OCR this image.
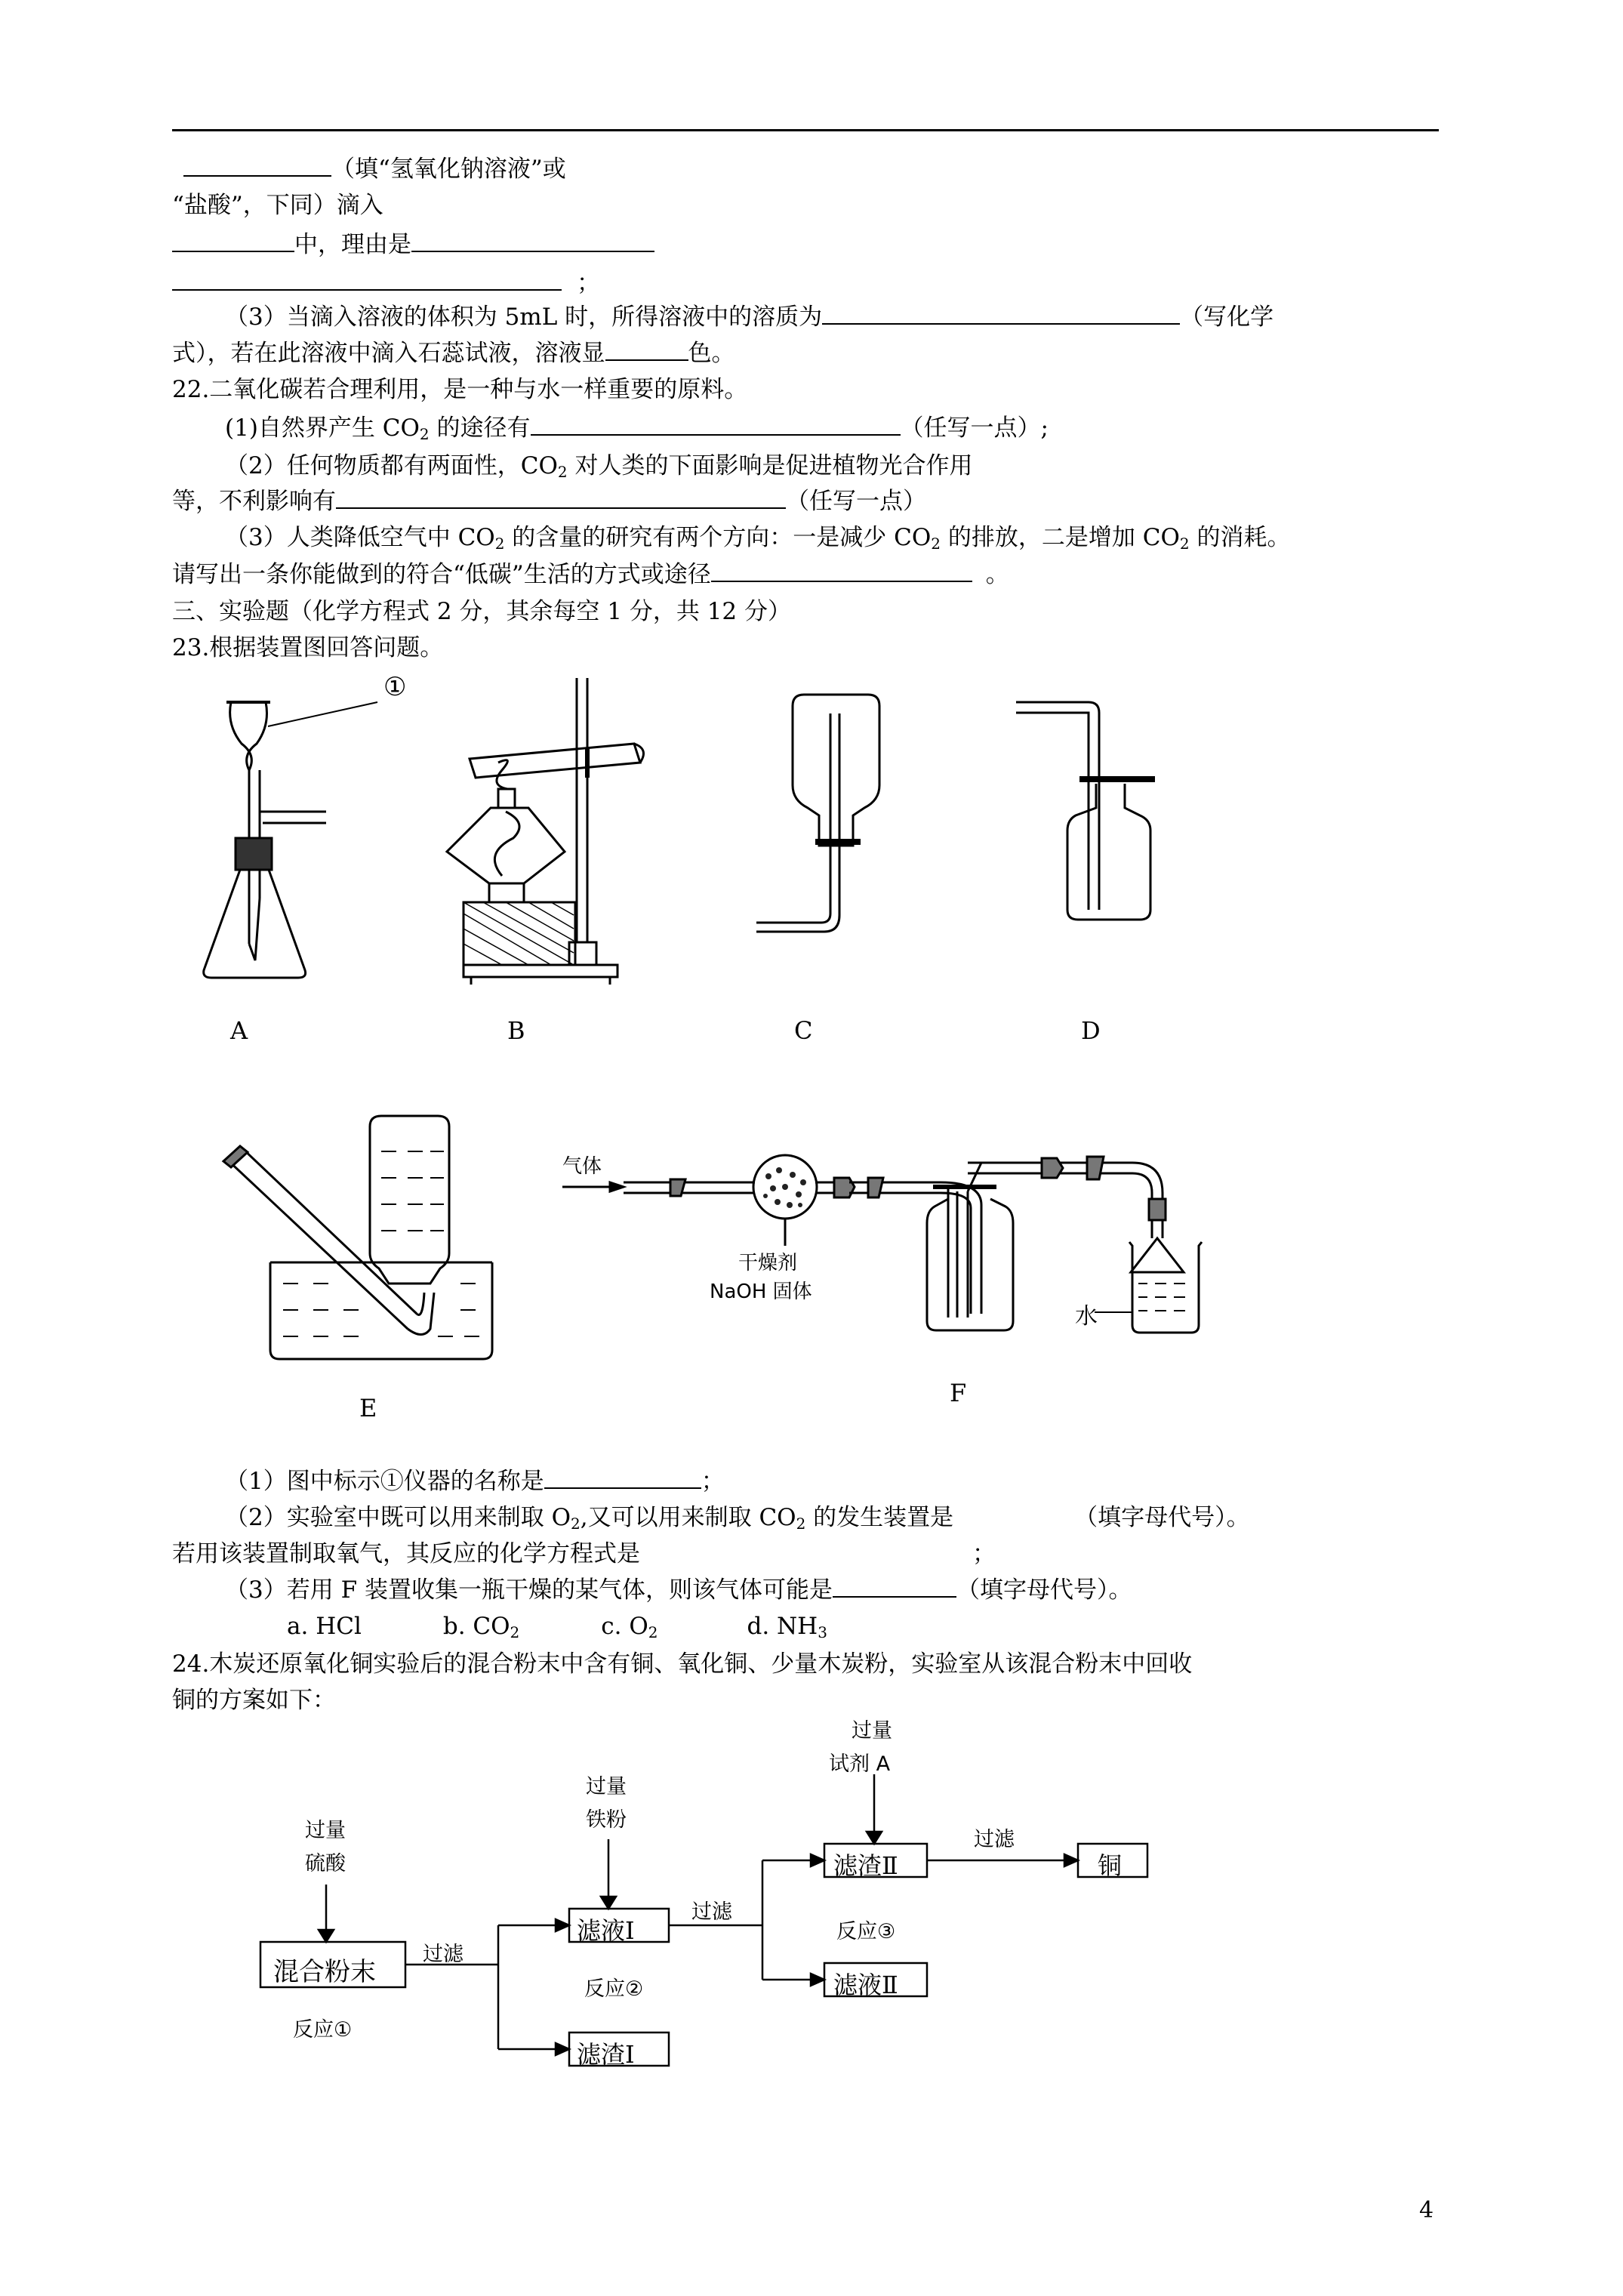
（填“氢氧化钠溶液”或
“盐酸”，下同）滴入
中，理由是
；
（3）当滴入溶液的体积为 5mL 时，所得溶液中的溶质为	（写化学
式），若在此溶液中滴入石蕊试液，溶液显	色。
22.二氧化碳若合理利用，是一种与水一样重要的原料。
(1)自然界产生 $CO_2$ 的途径有	（任写一点）;
（2）任何物质都有两面性，$CO_2$ 对人类的下面影响是促进植物光合作用
等，不利影响有	（任写一点）
（3）人类降低空气中 $CO_2$ 的含量的研究有两个方向：一是减少 $CO_2$ 的排放，二是增加 $CO_2$ 的消耗。
请写出一条你能做到的符合“低碳”生活的方式或途径	。
三、实验题（化学方程式 2 分，其余每空 1 分，共 12 分）
23.根据装置图回答问题。
①
A	B	C	D
E
F
气体
干燥剂
NaOH 固体
水
（1）图中标示①仪器的名称是	；
（2）实验室中既可以用来制取 $O_2$,又可以用来制取 $CO_2$ 的发生装置是	（填字母代号）。
若用该装置制取氧气，其反应的化学方程式是	；
（3）若用 F 装置收集一瓶干燥的某气体，则该气体可能是	（填字母代号）。
a. HCl	b. $CO_2$	c. $O_2$	d. $NH_3$
24.木炭还原氧化铜实验后的混合粉末中含有铜、氧化铜、少量木炭粉，实验室从该混合粉末中回收
铜的方案如下：
过量
硫酸
过量
铁粉
过量
试剂 A
混合粉末
滤液Ⅰ
滤渣Ⅰ
滤渣Ⅱ
滤液Ⅱ
铜
过滤
过滤
过滤
反应①
反应②
反应③
4
